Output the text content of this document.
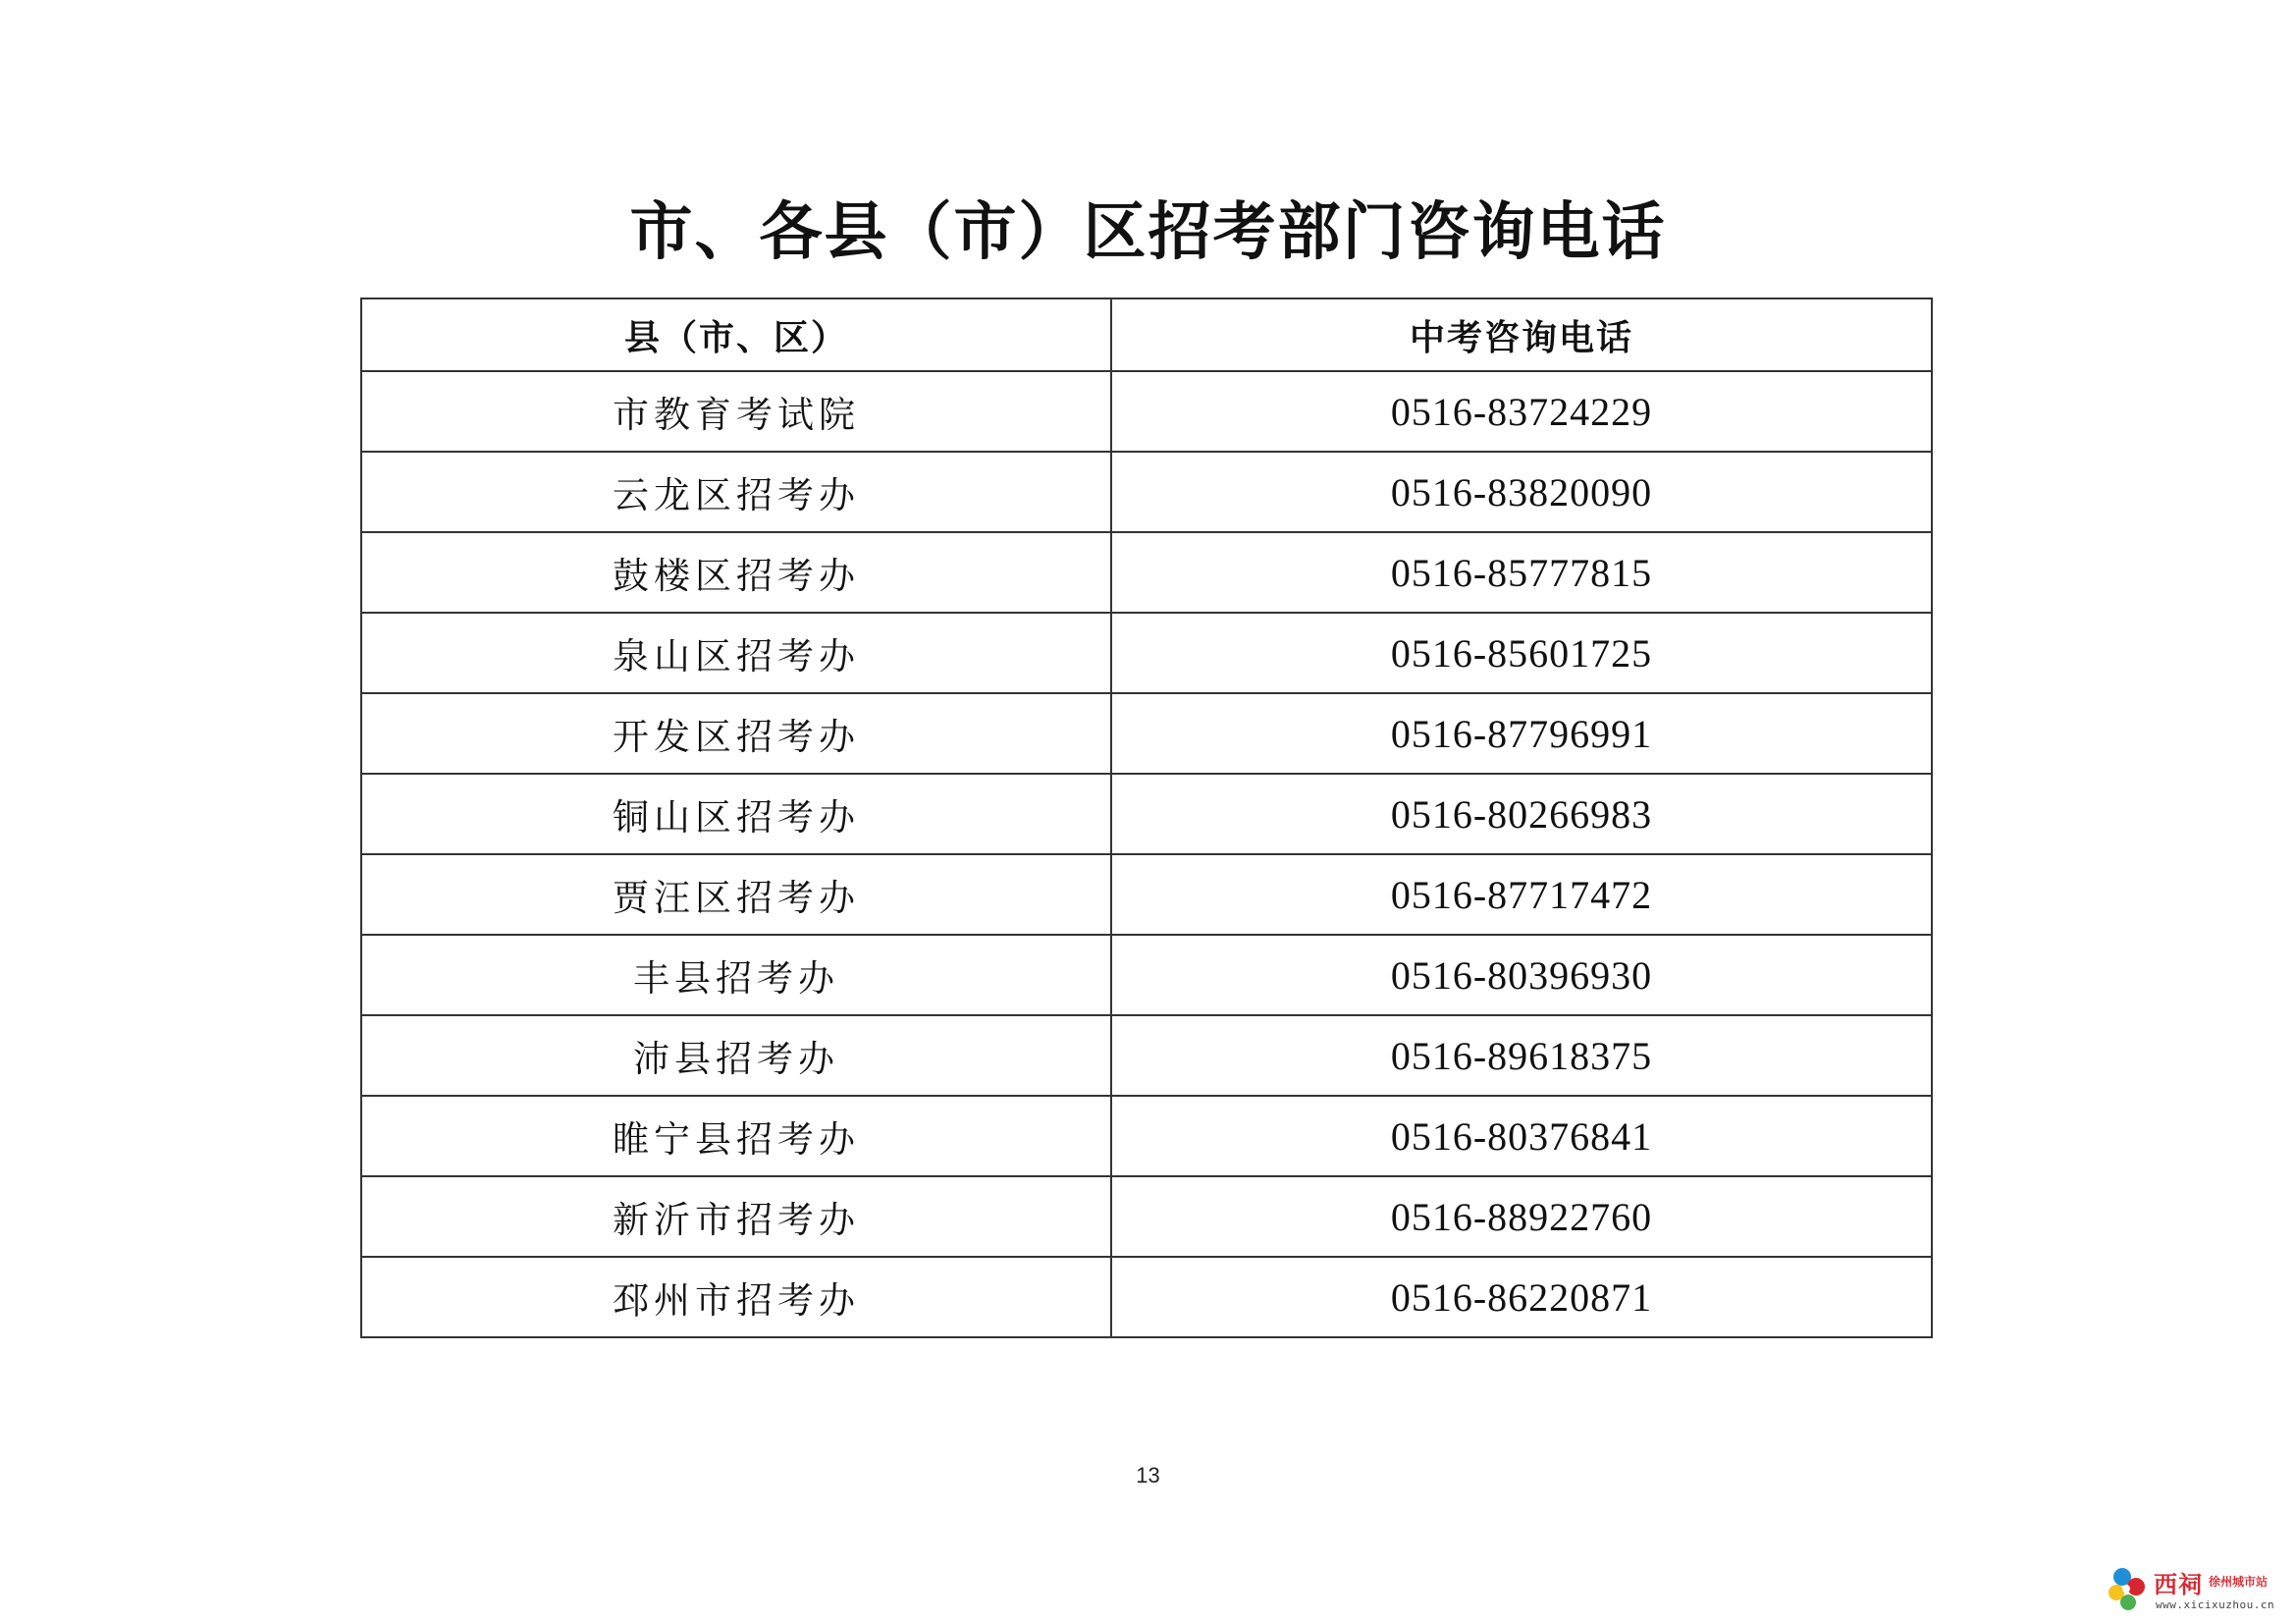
市、各县（市）区招考部门咨询电话
县（市、区）	中考咨询电话
市教育考试院	0516-83724229
云龙区招考办	0516-83820090
鼓楼区招考办	0516-85777815
泉山区招考办	0516-85601725
开发区招考办	0516-87796991
铜山区招考办	0516-80266983
贾汪区招考办	0516-87717472
丰县招考办	0516-80396930
沛县招考办	0516-89618375
睢宁县招考办	0516-80376841
新沂市招考办	0516-88922760
邳州市招考办	0516-86220871
13
西祠 徐州城市站
www.xicixuzhou.cn
